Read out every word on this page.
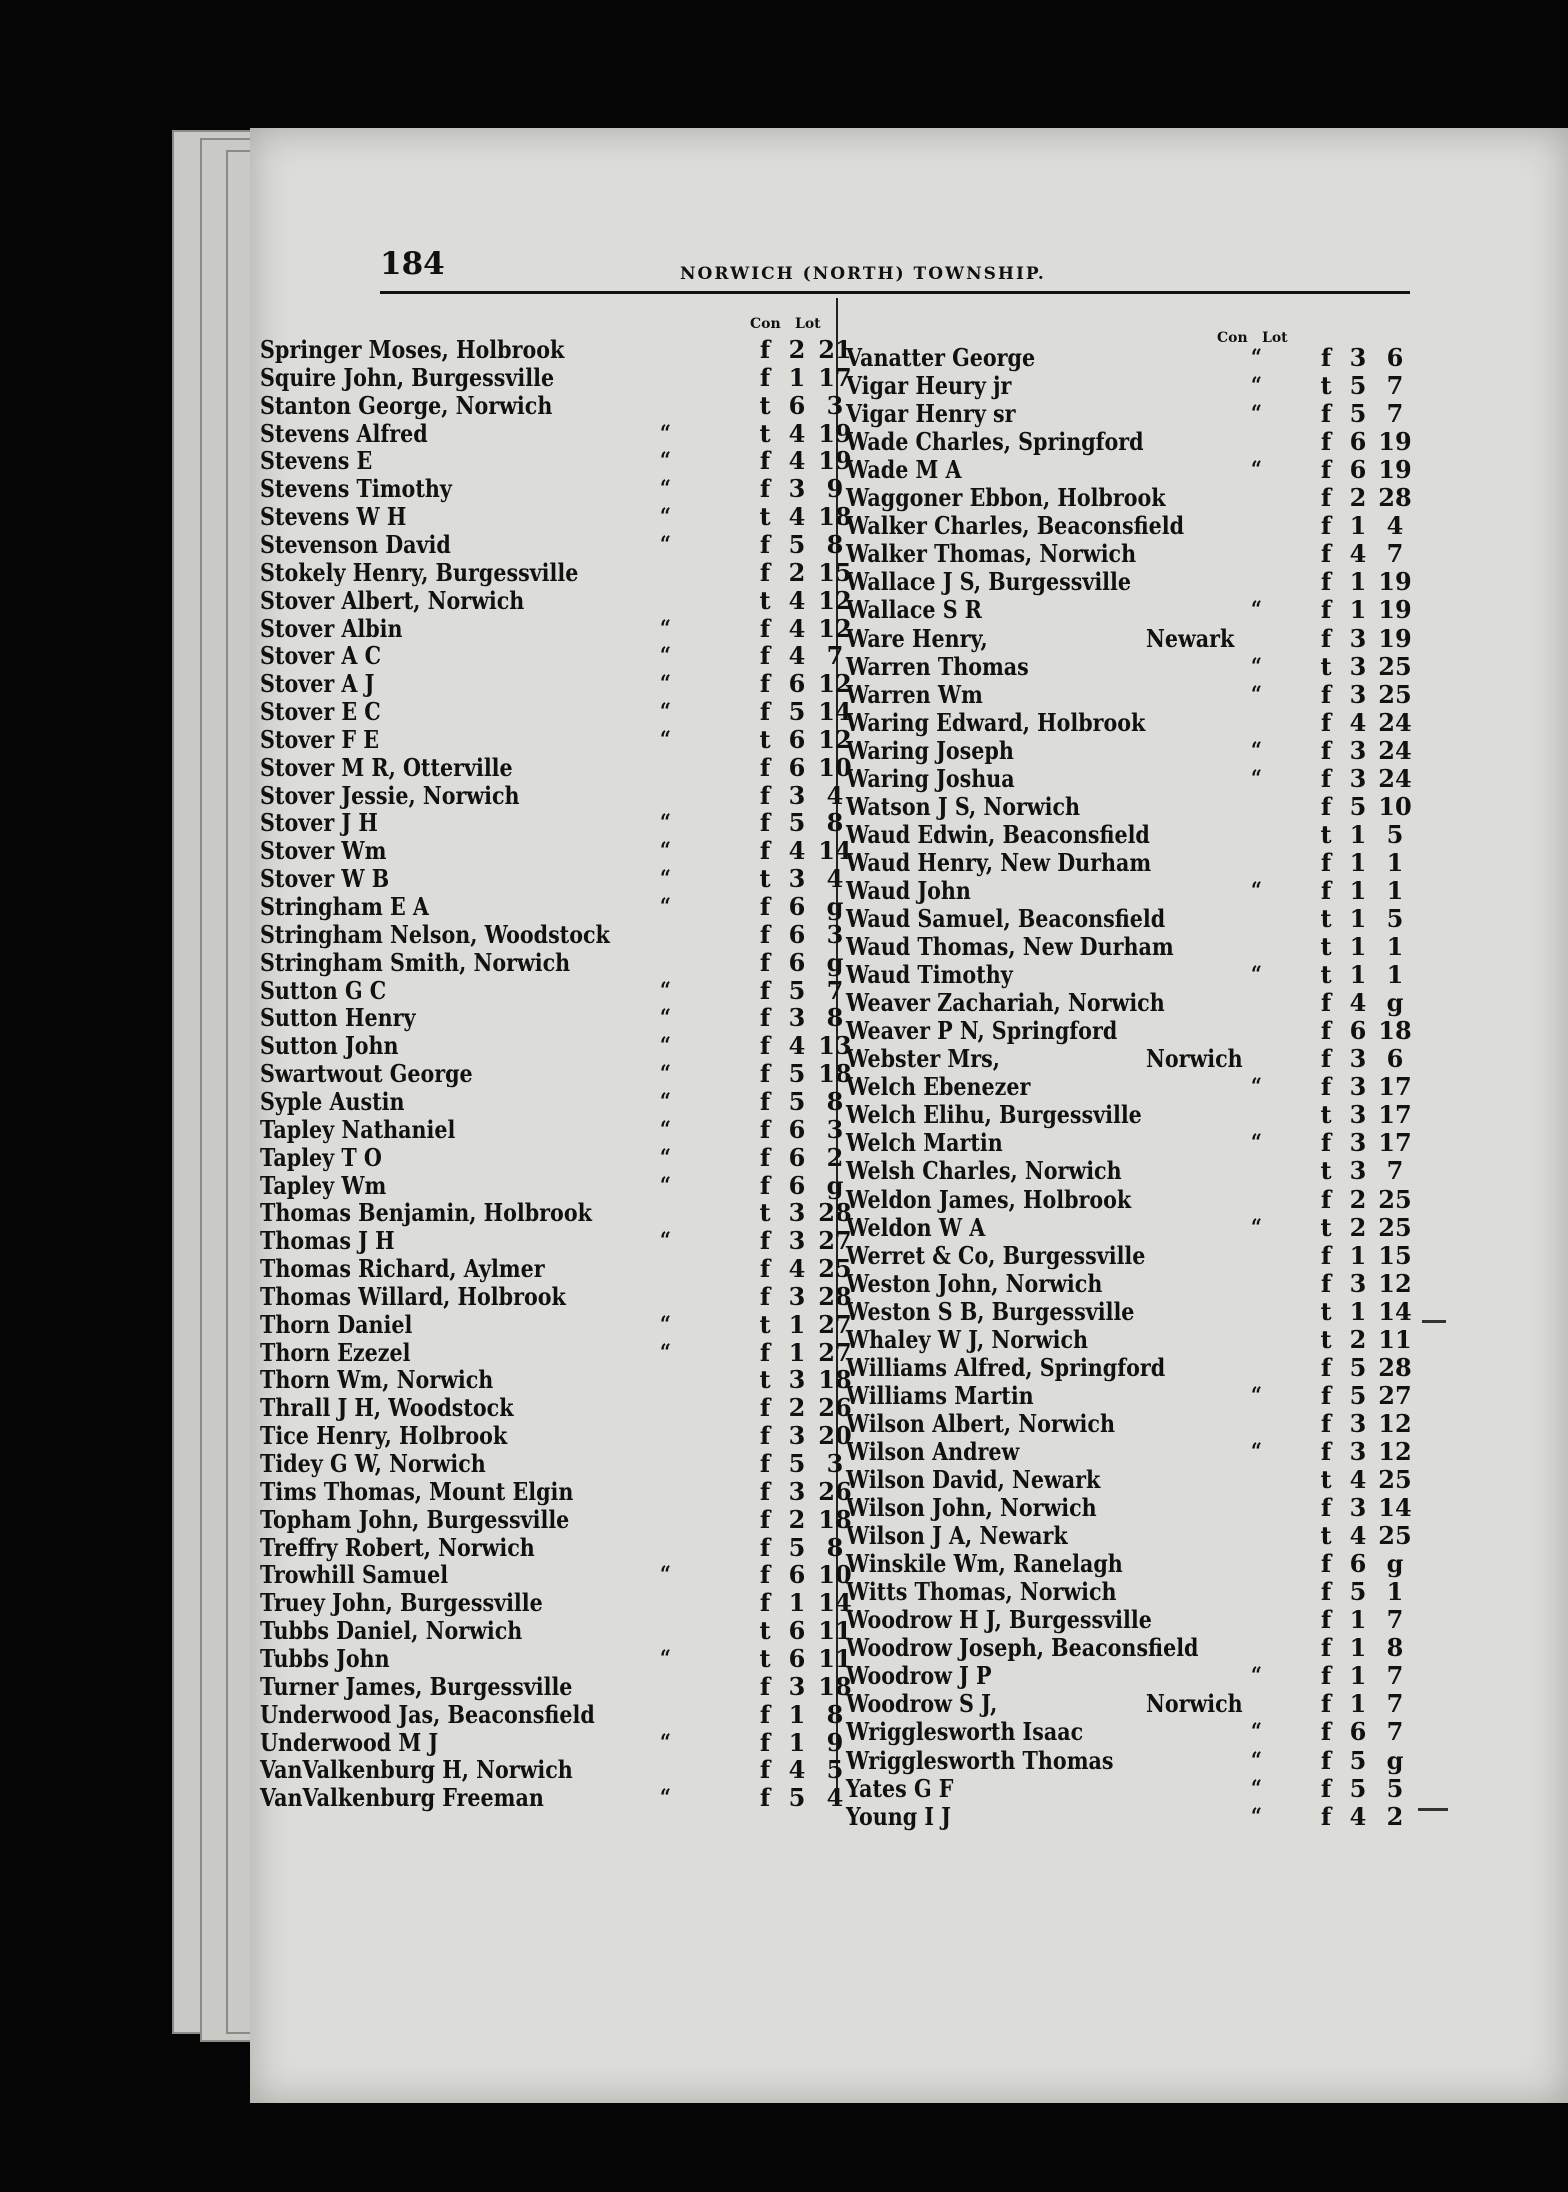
184	NORWICH (NORTH) TOWNSHIP.
Con Lot
Con Lot
Springer Moses, Holbrook	f 2 21
Squire John, Burgessville	f 1 17
Stanton George, Norwich	t 6 3
Stevens Alfred	“	t 4 19
Stevens E	“	f 4 19
Stevens Timothy	“	f 3 9
Stevens W H	“	t 4 18
Stevenson David	“	f 5 8
Stokely Henry, Burgessville	f 2 15
Stover Albert, Norwich	t 4 12
Stover Albin	“	f 4 12
Stover A C	“	f 4 7
Stover A J	“	f 6 12
Stover E C	“	f 5 14
Stover F E	“	t 6 12
Stover M R, Otterville	f 6 10
Stover Jessie, Norwich	f 3 4
Stover J H	“	f 5 8
Stover Wm	“	f 4 14
Stover W B	“	t 3 4
Stringham E A	“	f 6 g
Stringham Nelson, Woodstock	f 6 3
Stringham Smith, Norwich	f 6 g
Sutton G C	“	f 5 7
Sutton Henry	“	f 3 8
Sutton John	“	f 4 13
Swartwout George	“	f 5 18
Syple Austin	“	f 5 8
Tapley Nathaniel	“	f 6 3
Tapley T O	“	f 6 2
Tapley Wm	“	f 6 g
Thomas Benjamin, Holbrook	t 3 28
Thomas J H	“	f 3 27
Thomas Richard, Aylmer	f 4 25
Thomas Willard, Holbrook	f 3 28
Thorn Daniel	“	t 1 27
Thorn Ezezel	“	f 1 27
Thorn Wm, Norwich	t 3 18
Thrall J H, Woodstock	f 2 26
Tice Henry, Holbrook	f 3 20
Tidey G W, Norwich	f 5 3
Tims Thomas, Mount Elgin	f 3 26
Topham John, Burgessville	f 2 18
Treffry Robert, Norwich	f 5 8
Trowhill Samuel	“	f 6 10
Truey John, Burgessville	f 1 14
Tubbs Daniel, Norwich	t 6 11
Tubbs John	“	t 6 11
Turner James, Burgessville	f 3 18
Underwood Jas, Beaconsfield	f 1 8
Underwood M J	“	f 1 9
VanValkenburg H, Norwich	f 4 5
VanValkenburg Freeman	“	f 5 4
Vanatter George	“ f 3 6
Vigar Heury jr	“ t 5 7
Vigar Henry sr	“ f 5 7
Wade Charles, Springford	f 6 19
Wade M A	“ f 6 19
Waggoner Ebbon, Holbrook	f 2 28
Walker Charles, Beaconsfield	f 1 4
Walker Thomas, Norwich	f 4 7
Wallace J S, Burgessville	f 1 19
Wallace S R	“ f 1 19
Ware Henry,	Newark	f 3 19
Warren Thomas	“ t 3 25
Warren Wm	“ f 3 25
Waring Edward, Holbrook	f 4 24
Waring Joseph	“ f 3 24
Waring Joshua	“ f 3 24
Watson J S, Norwich	f 5 10
Waud Edwin, Beaconsfield	t 1 5
Waud Henry, New Durham	f 1 1
Waud John	“ f 1 1
Waud Samuel, Beaconsfield	t 1 5
Waud Thomas, New Durham	t 1 1
Waud Timothy	“ t 1 1
Weaver Zachariah, Norwich	f 4 g
Weaver P N, Springford	f 6 18
Webster Mrs,	Norwich	f 3 6
Welch Ebenezer	“ f 3 17
Welch Elihu, Burgessville	t 3 17
Welch Martin	“ f 3 17
Welsh Charles, Norwich	t 3 7
Weldon James, Holbrook	f 2 25
Weldon W A	“ t 2 25
Werret & Co, Burgessville	f 1 15
Weston John, Norwich	f 3 12
Weston S B, Burgessville	t 1 14
Whaley W J, Norwich	t 2 11
Williams Alfred, Springford	f 5 28
Williams Martin	“ f 5 27
Wilson Albert, Norwich	f 3 12
Wilson Andrew	“ f 3 12
Wilson David, Newark	t 4 25
Wilson John, Norwich	f 3 14
Wilson J A, Newark	t 4 25
Winskile Wm, Ranelagh	f 6 g
Witts Thomas, Norwich	f 5 1
Woodrow H J, Burgessville	f 1 7
Woodrow Joseph, Beaconsfield	f 1 8
Woodrow J P	“ f 1 7
Woodrow S J,	Norwich	f 1 7
Wrigglesworth Isaac	“ f 6 7
Wrigglesworth Thomas	“ f 5 g
Yates G F	“ f 5 5
Young I J	“ f 4 2
